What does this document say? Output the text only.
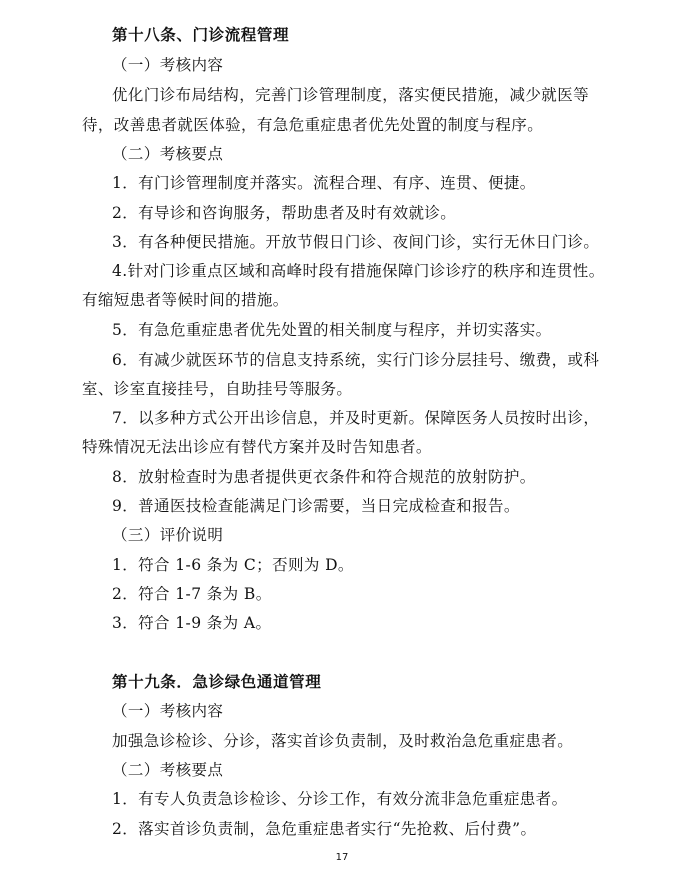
第十八条、门诊流程管理
（一）考核内容
优化门诊布局结构，完善门诊管理制度，落实便民措施，减少就医等
待，改善患者就医体验，有急危重症患者优先处置的制度与程序。
（二）考核要点
1．有门诊管理制度并落实。流程合理、有序、连贯、便捷。
2．有导诊和咨询服务，帮助患者及时有效就诊。
3．有各种便民措施。开放节假日门诊、夜间门诊，实行无休日门诊。
4.针对门诊重点区域和高峰时段有措施保障门诊诊疗的秩序和连贯性。
有缩短患者等候时间的措施。
5．有急危重症患者优先处置的相关制度与程序，并切实落实。
6．有减少就医环节的信息支持系统，实行门诊分层挂号、缴费，或科
室、诊室直接挂号，自助挂号等服务。
7．以多种方式公开出诊信息，并及时更新。保障医务人员按时出诊，
特殊情况无法出诊应有替代方案并及时告知患者。
8．放射检查时为患者提供更衣条件和符合规范的放射防护。
9．普通医技检查能满足门诊需要，当日完成检查和报告。
（三）评价说明
1．符合 1-6 条为 C；否则为 D。
2．符合 1-7 条为 B。
3．符合 1-9 条为 A。
第十九条．急诊绿色通道管理
（一）考核内容
加强急诊检诊、分诊，落实首诊负责制，及时救治急危重症患者。
（二）考核要点
1．有专人负责急诊检诊、分诊工作，有效分流非急危重症患者。
2．落实首诊负责制，急危重症患者实行“先抢救、后付费”。
17
